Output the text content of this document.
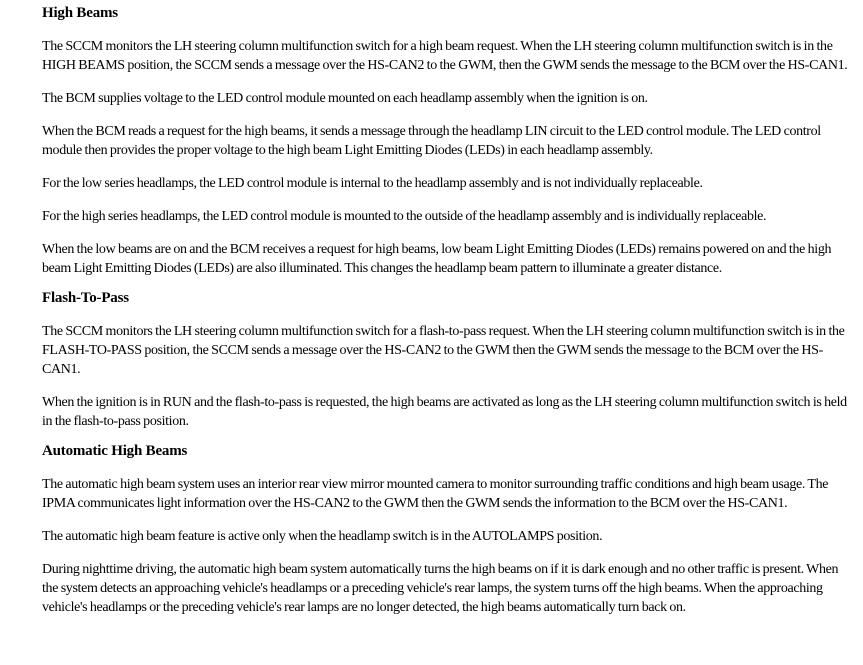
High Beams

The SCCM monitors the LH steering column multifunction switch for a high beam request. When the LH steering column multifunction switch is in the HIGH BEAMS position, the SCCM sends a message over the HS-CAN2 to the GWM, then the GWM sends the message to the BCM over the HS-CAN1.

The BCM supplies voltage to the LED control module mounted on each headlamp assembly when the ignition is on.

When the BCM reads a request for the high beams, it sends a message through the headlamp LIN circuit to the LED control module. The LED control module then provides the proper voltage to the high beam Light Emitting Diodes (LEDs) in each headlamp assembly.

For the low series headlamps, the LED control module is internal to the headlamp assembly and is not individually replaceable.

For the high series headlamps, the LED control module is mounted to the outside of the headlamp assembly and is individually replaceable.

When the low beams are on and the BCM receives a request for high beams, low beam Light Emitting Diodes (LEDs) remains powered on and the high beam Light Emitting Diodes (LEDs) are also illuminated. This changes the headlamp beam pattern to illuminate a greater distance.

Flash-To-Pass

The SCCM monitors the LH steering column multifunction switch for a flash-to-pass request. When the LH steering column multifunction switch is in the FLASH-TO-PASS position, the SCCM sends a message over the HS-CAN2 to the GWM then the GWM sends the message to the BCM over the HS-CAN1.

When the ignition is in RUN and the flash-to-pass is requested, the high beams are activated as long as the LH steering column multifunction switch is held in the flash-to-pass position.

Automatic High Beams

The automatic high beam system uses an interior rear view mirror mounted camera to monitor surrounding traffic conditions and high beam usage. The IPMA communicates light information over the HS-CAN2 to the GWM then the GWM sends the information to the BCM over the HS-CAN1.

The automatic high beam feature is active only when the headlamp switch is in the AUTOLAMPS position.

During nighttime driving, the automatic high beam system automatically turns the high beams on if it is dark enough and no other traffic is present. When the system detects an approaching vehicle's headlamps or a preceding vehicle's rear lamps, the system turns off the high beams. When the approaching vehicle's headlamps or the preceding vehicle's rear lamps are no longer detected, the high beams automatically turn back on.
